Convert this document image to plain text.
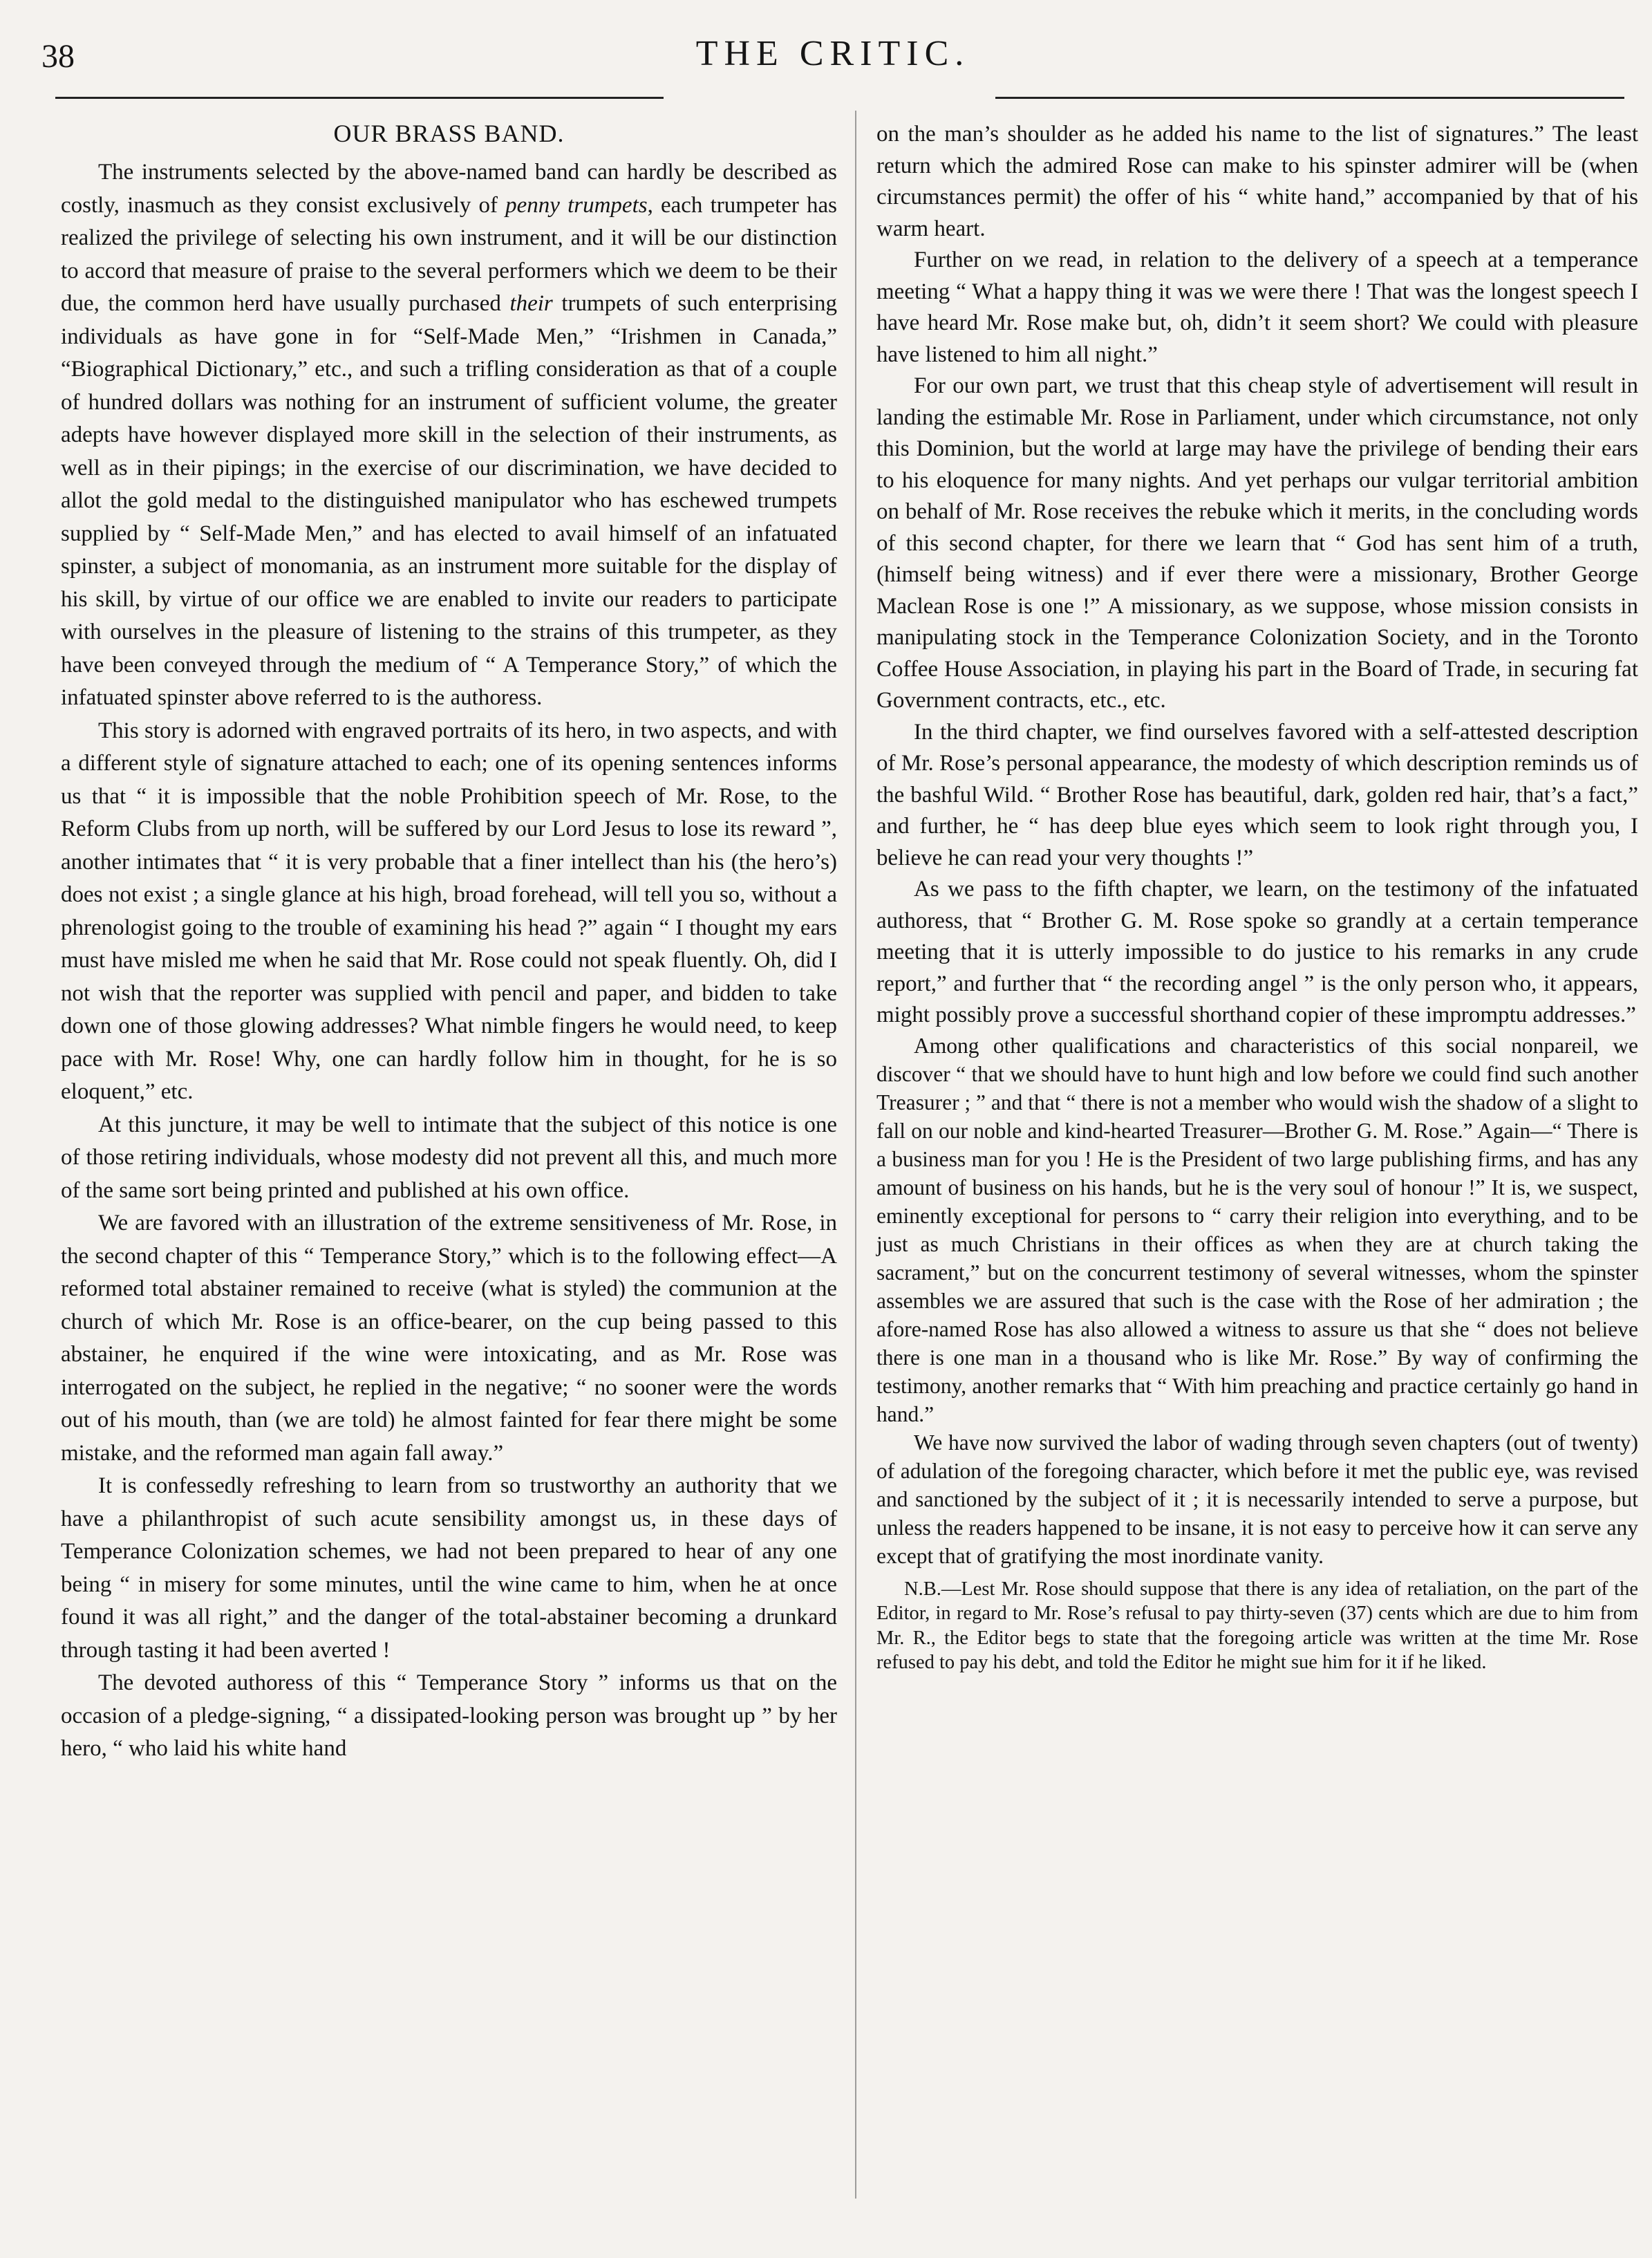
38	THE CRITIC.
OUR BRASS BAND.

The instruments selected by the above-named band can hardly be described as costly, inasmuch as they consist exclusively of penny trumpets, each trumpeter has realized the privilege of selecting his own instrument, and it will be our distinction to accord that measure of praise to the several performers which we deem to be their due, the common herd have usually purchased their trumpets of such enterprising individuals as have gone in for “Self-Made Men,” “Irishmen in Canada,” “Biographical Dictionary,” etc., and such a trifling consideration as that of a couple of hundred dollars was nothing for an instrument of sufficient volume, the greater adepts have however displayed more skill in the selection of their instruments, as well as in their pipings; in the exercise of our discrimination, we have decided to allot the gold medal to the distinguished manipulator who has eschewed trumpets supplied by “ Self-Made Men,” and has elected to avail himself of an infatuated spinster, a subject of monomania, as an instrument more suitable for the display of his skill, by virtue of our office we are enabled to invite our readers to participate with ourselves in the pleasure of listening to the strains of this trumpeter, as they have been conveyed through the medium of “ A Temperance Story,” of which the infatuated spinster above referred to is the authoress.

This story is adorned with engraved portraits of its hero, in two aspects, and with a different style of signature attached to each; one of its opening sentences informs us that “ it is impossible that the noble Prohibition speech of Mr. Rose, to the Reform Clubs from up north, will be suffered by our Lord Jesus to lose its reward ”, another intimates that “ it is very probable that a finer intellect than his (the hero’s) does not exist ; a single glance at his high, broad forehead, will tell you so, without a phrenologist going to the trouble of examining his head ?” again “ I thought my ears must have misled me when he said that Mr. Rose could not speak fluently. Oh, did I not wish that the reporter was supplied with pencil and paper, and bidden to take down one of those glowing addresses? What nimble fingers he would need, to keep pace with Mr. Rose! Why, one can hardly follow him in thought, for he is so eloquent,” etc.

At this juncture, it may be well to intimate that the subject of this notice is one of those retiring individuals, whose modesty did not prevent all this, and much more of the same sort being printed and published at his own office.

We are favored with an illustration of the extreme sensitiveness of Mr. Rose, in the second chapter of this “ Temperance Story,” which is to the following effect—A reformed total abstainer remained to receive (what is styled) the communion at the church of which Mr. Rose is an office-bearer, on the cup being passed to this abstainer, he enquired if the wine were intoxicating, and as Mr. Rose was interrogated on the subject, he replied in the negative; “ no sooner were the words out of his mouth, than (we are told) he almost fainted for fear there might be some mistake, and the reformed man again fall away.”

It is confessedly refreshing to learn from so trustworthy an authority that we have a philanthropist of such acute sensibility amongst us, in these days of Temperance Colonization schemes, we had not been prepared to hear of any one being “ in misery for some minutes, until the wine came to him, when he at once found it was all right,” and the danger of the total-abstainer becoming a drunkard through tasting it had been averted !

The devoted authoress of this “ Temperance Story ” informs us that on the occasion of a pledge-signing, “ a dissipated-looking person was brought up ” by her hero, “ who laid his white hand

on the man’s shoulder as he added his name to the list of signatures.” The least return which the admired Rose can make to his spinster admirer will be (when circumstances permit) the offer of his “ white hand,” accompanied by that of his warm heart.

Further on we read, in relation to the delivery of a speech at a temperance meeting “ What a happy thing it was we were there ! That was the longest speech I have heard Mr. Rose make but, oh, didn’t it seem short? We could with pleasure have listened to him all night.”

For our own part, we trust that this cheap style of advertisement will result in landing the estimable Mr. Rose in Parliament, under which circumstance, not only this Dominion, but the world at large may have the privilege of bending their ears to his eloquence for many nights. And yet perhaps our vulgar territorial ambition on behalf of Mr. Rose receives the rebuke which it merits, in the concluding words of this second chapter, for there we learn that “ God has sent him of a truth, (himself being witness) and if ever there were a missionary, Brother George Maclean Rose is one !” A missionary, as we suppose, whose mission consists in manipulating stock in the Temperance Colonization Society, and in the Toronto Coffee House Association, in playing his part in the Board of Trade, in securing fat Government contracts, etc., etc.

In the third chapter, we find ourselves favored with a self-attested description of Mr. Rose’s personal appearance, the modesty of which description reminds us of the bashful Wild. “ Brother Rose has beautiful, dark, golden red hair, that’s a fact,” and further, he “ has deep blue eyes which seem to look right through you, I believe he can read your very thoughts !”

As we pass to the fifth chapter, we learn, on the testimony of the infatuated authoress, that “ Brother G. M. Rose spoke so grandly at a certain temperance meeting that it is utterly impossible to do justice to his remarks in any crude report,” and further that “ the recording angel ” is the only person who, it appears, might possibly prove a successful shorthand copier of these impromptu addresses.”

Among other qualifications and characteristics of this social nonpareil, we discover “ that we should have to hunt high and low before we could find such another Treasurer ; ” and that “ there is not a member who would wish the shadow of a slight to fall on our noble and kind-hearted Treasurer—Brother G. M. Rose.” Again—“ There is a business man for you ! He is the President of two large publishing firms, and has any amount of business on his hands, but he is the very soul of honour !” It is, we suspect, eminently exceptional for persons to “ carry their religion into everything, and to be just as much Christians in their offices as when they are at church taking the sacrament,” but on the concurrent testimony of several witnesses, whom the spinster assembles we are assured that such is the case with the Rose of her admiration ; the afore-named Rose has also allowed a witness to assure us that she “ does not believe there is one man in a thousand who is like Mr. Rose.” By way of confirming the testimony, another remarks that “ With him preaching and practice certainly go hand in hand.”

We have now survived the labor of wading through seven chapters (out of twenty) of adulation of the foregoing character, which before it met the public eye, was revised and sanctioned by the subject of it ; it is necessarily intended to serve a purpose, but unless the readers happened to be insane, it is not easy to perceive how it can serve any except that of gratifying the most inordinate vanity.

N.B.—Lest Mr. Rose should suppose that there is any idea of retaliation, on the part of the Editor, in regard to Mr. Rose’s refusal to pay thirty-seven (37) cents which are due to him from Mr. R., the Editor begs to state that the foregoing article was written at the time Mr. Rose refused to pay his debt, and told the Editor he might sue him for it if he liked.
